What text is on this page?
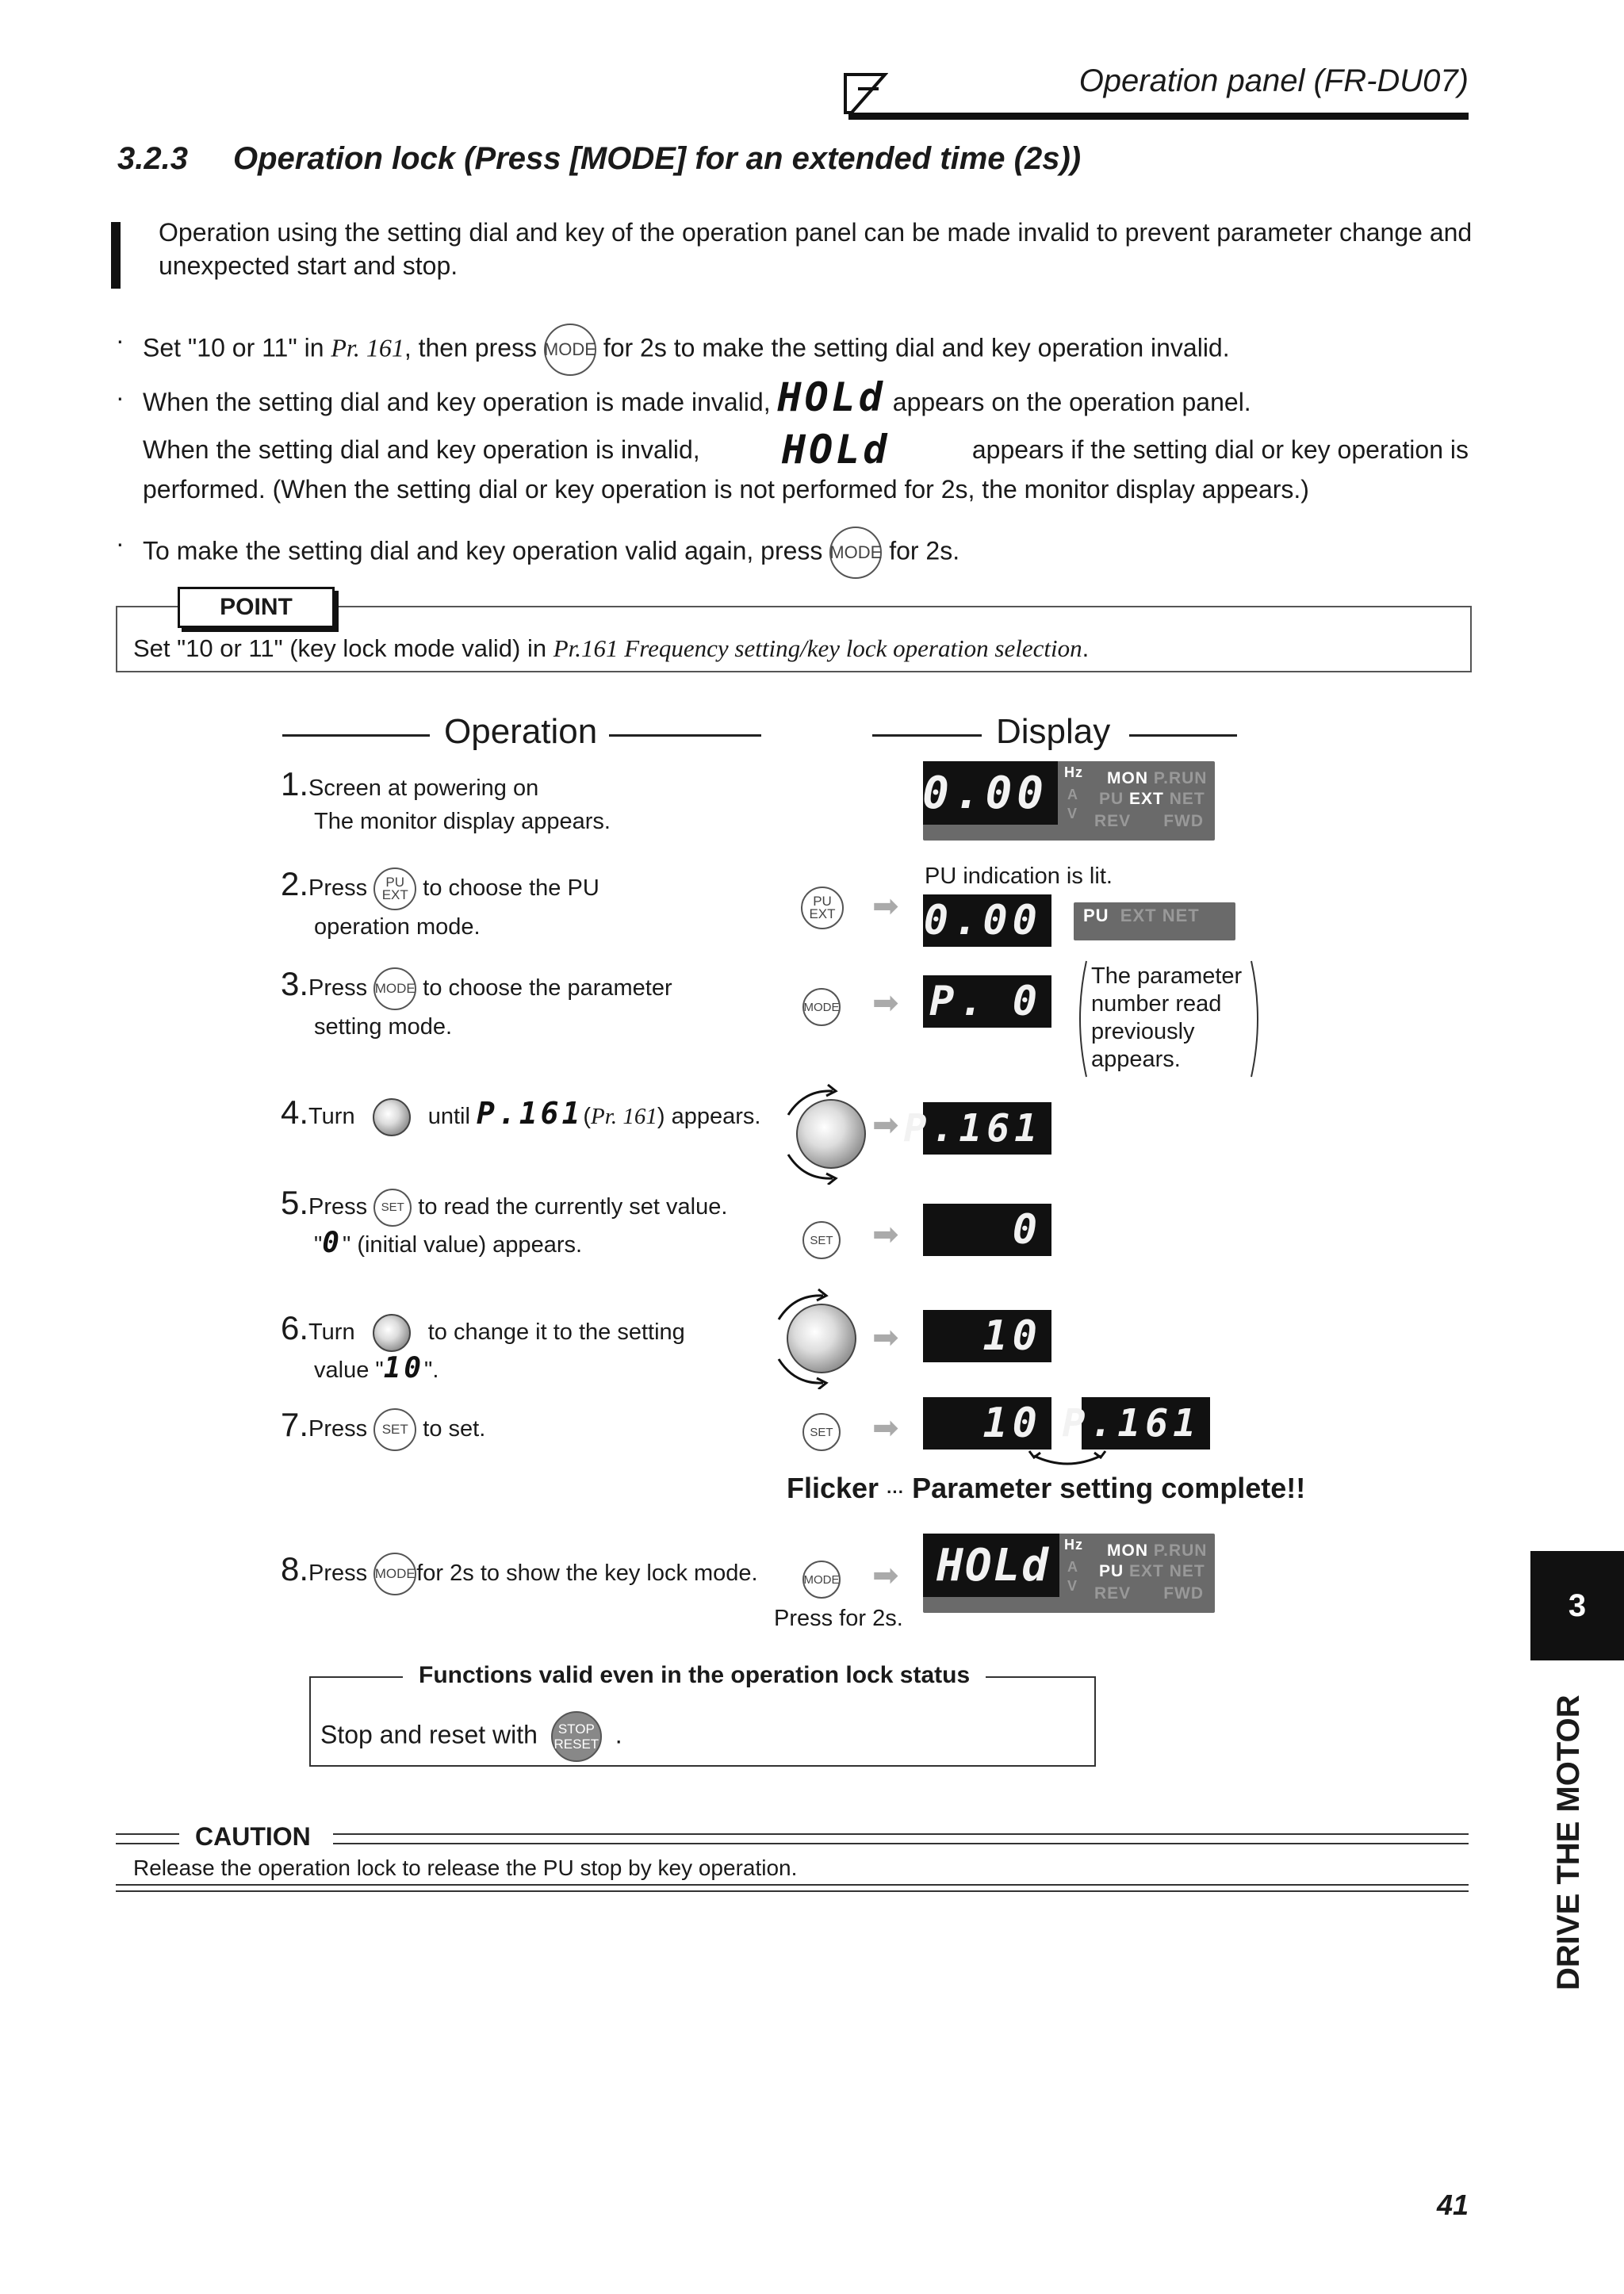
Operation panel (FR-DU07)
3.2.3 Operation lock (Press [MODE] for an extended time (2s))
Operation using the setting dial and key of the operation panel can be made invalid to prevent parameter change and unexpected start and stop.
· Set "10 or 11" in Pr. 161, then press MODE for 2s to make the setting dial and key operation invalid.
· When the setting dial and key operation is made invalid, HOLd appears on the operation panel.
When the setting dial and key operation is invalid, HOLd	appears if the setting dial or key operation is
performed. (When the setting dial or key operation is not performed for 2s, the monitor display appears.)
· To make the setting dial and key operation valid again, press MODE for 2s.
POINT
Set "10 or 11" (key lock mode valid) in Pr.161 Frequency setting/key lock operation selection.
Operation	Display
1.Screen at powering on
The monitor display appears.
0.00	Hz
A
V
MON P.RUN
PU EXT NET
REV FWD
2.Press PU
EXT to choose the PU
operation mode.
PU indication is lit.
PU
EXT ➡ 0.00	PU EXT NET
3.Press MODE to choose the parameter
setting mode.
MODE ➡ P. 0
The parameter
number read
previously
appears.
4.Turn	until P.161(Pr. 161) appears.	➡ P.161
5.Press SET to read the currently set value.
"0" (initial value) appears.	SET ➡	0
6.Turn	to change it to the setting
value "10".
➡	10
7.Press SET to set.	SET ➡	10 P.161
Flicker ··· Parameter setting complete!!
8.Press MODEfor 2s to show the key lock mode.	MODE
Press for 2s.
➡ HOLd	Hz
A
V
MON P.RUN
PU EXT NET
REV FWD
Functions valid even in the operation lock status
Stop and reset with STOP
RESET .
CAUTION
Release the operation lock to release the PU stop by key operation.
3
DRIVE THE MOTOR
41
